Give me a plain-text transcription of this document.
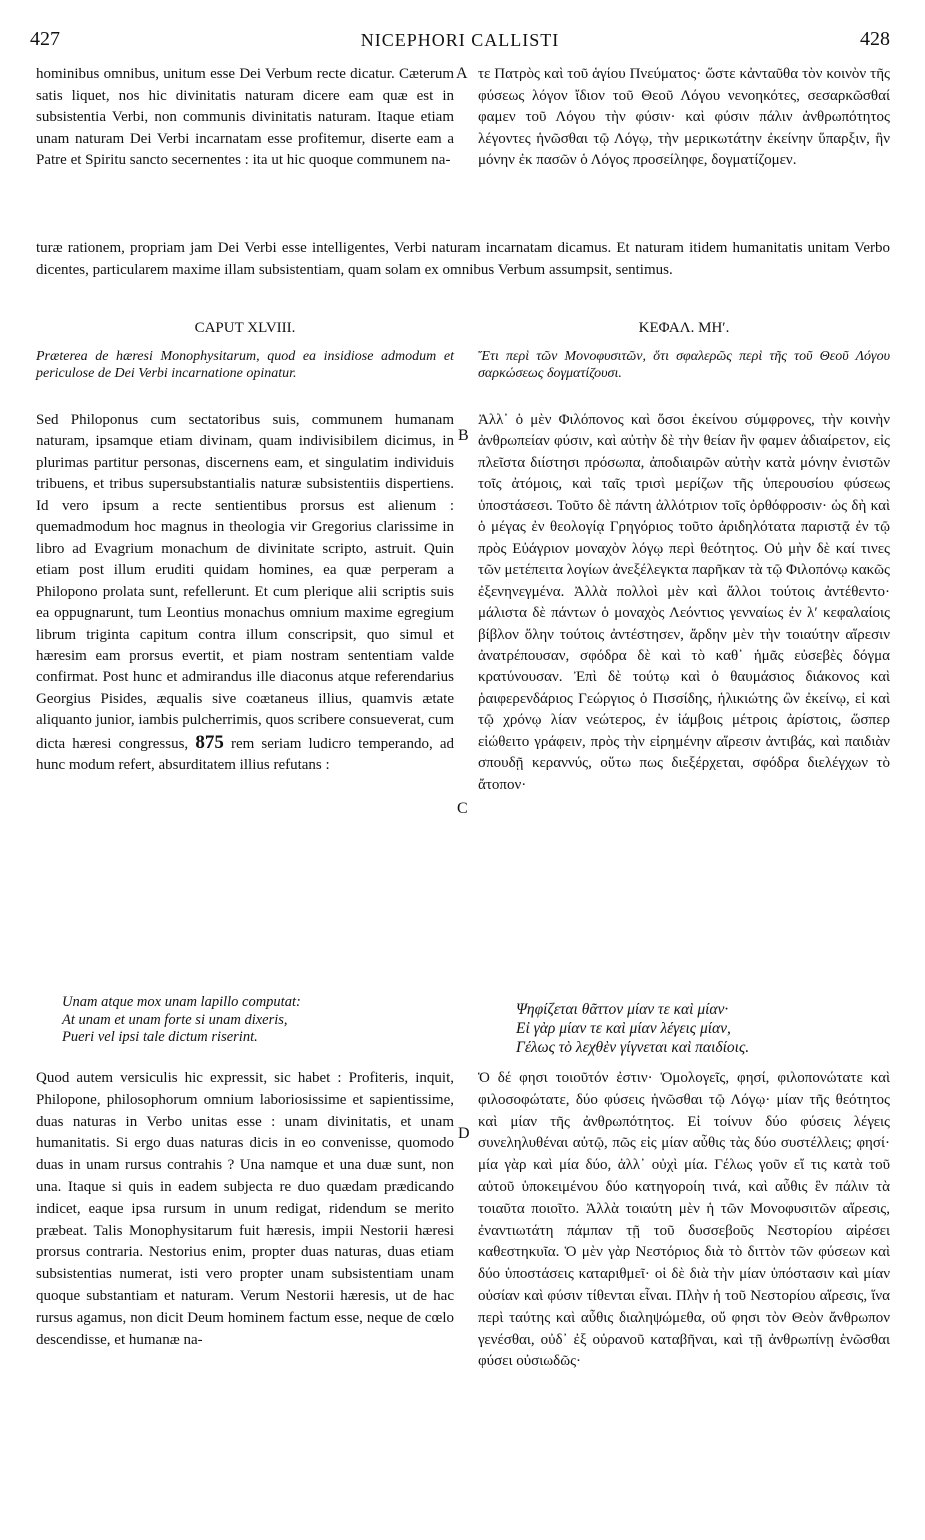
427	NICEPHORI CALLISTI	428
A
B
C
D
hominibus omnibus, unitum esse Dei Verbum recte dicatur. Cæterum satis liquet, nos hic divinitatis naturam dicere eam quæ est in subsistentia Verbi, non communis divinitatis naturam. Itaque etiam unam naturam Dei Verbi incarnatam esse profitemur, diserte eam a Patre et Spiritu sancto secernentes : ita ut hic quoque communem na-
τε Πατρὸς καὶ τοῦ ἁγίου Πνεύματος· ὥστε κἀνταῦθα τὸν κοινὸν τῆς φύσεως λόγον ἴδιον τοῦ Θεοῦ Λόγου νενοηκότες, σεσαρκῶσθαί φαμεν τοῦ Λόγου τὴν φύσιν· καὶ φύσιν πάλιν ἀνθρωπότητος λέγοντες ἡνῶσθαι τῷ Λόγῳ, τὴν μερικωτάτην ἐκείνην ὕπαρξιν, ἣν μόνην ἐκ πασῶν ὁ Λόγος προσείληφε, δογματίζομεν.
turæ rationem, propriam jam Dei Verbi esse intelligentes, Verbi naturam incarnatam dicamus. Et naturam itidem humanitatis unitam Verbo dicentes, particularem maxime illam subsistentiam, quam solam ex omnibus Verbum assumpsit, sentimus.
CAPUT XLVIII.	ΚΕΦΑΛ. ΜΗʹ.
Præterea de hæresi Monophysitarum, quod ea insidiose admodum et periculose de Dei Verbi incarnatione opinatur.
Ἔτι περὶ τῶν Μονοφυσιτῶν, ὅτι σφαλερῶς περὶ τῆς τοῦ Θεοῦ Λόγου σαρκώσεως δογματίζουσι.
Sed Philoponus cum sectatoribus suis, communem humanam naturam, ipsamque etiam divinam, quam indivisibilem dicimus, in plurimas partitur personas, discernens eam, et singulatim individuis tribuens, et tribus supersubstantialis naturæ subsistentiis dispertiens. Id vero ipsum a recte sentientibus prorsus est alienum : quemadmodum hoc magnus in theologia vir Gregorius clarissime in libro ad Evagrium monachum de divinitate scripto, astruit. Quin etiam post illum eruditi quidam homines, ea quæ perperam a Philopono prolata sunt, refellerunt. Et cum plerique alii scriptis suis ea oppugnarunt, tum Leontius monachus omnium maxime egregium librum triginta capitum contra illum conscripsit, quo simul et hæresim eam prorsus evertit, et piam nostram sententiam valde confirmat. Post hunc et admirandus ille diaconus atque referendarius Georgius Pisides, æqualis sive coætaneus illius, quamvis ætate aliquanto junior, iambis pulcherrimis, quos scribere consueverat, cum dicta hæresi congressus, 875 rem seriam ludicro temperando, ad hunc modum refert, absurditatem illius refutans :
Ἀλλ᾽ ὁ μὲν Φιλόπονος καὶ ὅσοι ἐκείνου σύμφρονες, τὴν κοινὴν ἀνθρωπείαν φύσιν, καὶ αὐτὴν δὲ τὴν θείαν ἣν φαμεν ἀδιαίρετον, εἰς πλεῖστα διίστησι πρόσωπα, ἀποδιαιρῶν αὐτὴν κατὰ μόνην ἐνιστῶν τοῖς ἀτόμοις, καὶ ταῖς τρισὶ μερίζων τῆς ὑπερουσίου φύσεως ὑποστάσεσι. Τοῦτο δὲ πάντη ἀλλότριον τοῖς ὀρθόφροσιν· ὡς δὴ καὶ ὁ μέγας ἐν θεολογίᾳ Γρηγόριος τοῦτο ἀριδηλότατα παριστᾷ ἐν τῷ πρὸς Εὐάγριον μοναχὸν λόγῳ περὶ θεότητος. Οὐ μὴν δὲ καί τινες τῶν μετέπειτα λογίων ἀνεξέλεγκτα παρῆκαν τὰ τῷ Φιλοπόνῳ κακῶς ἐξενηνεγμένα. Ἀλλὰ πολλοὶ μὲν καὶ ἄλλοι τούτοις ἀντέθεντο· μάλιστα δὲ πάντων ὁ μοναχὸς Λεόντιος γενναίως ἐν λʹ κεφαλαίοις βίβλον ὅλην τούτοις ἀντέστησεν, ἄρδην μὲν τὴν τοιαύτην αἵρεσιν ἀνατρέπουσαν, σφόδρα δὲ καὶ τὸ καθ᾽ ἡμᾶς εὐσεβὲς δόγμα κρατύνουσαν. Ἐπὶ δὲ τούτῳ καὶ ὁ θαυμάσιος διάκονος καὶ ῥαιφερενδάριος Γεώργιος ὁ Πισσίδης, ἡλικιώτης ὢν ἐκείνῳ, εἰ καὶ τῷ χρόνῳ λίαν νεώτερος, ἐν ἰάμβοις μέτροις ἀρίστοις, ὥσπερ εἰώθειτο γράφειν, πρὸς τὴν εἰρημένην αἵρεσιν ἀντιβάς, καὶ παιδιὰν σπουδῇ κεραννύς, οὕτω πως διεξέρχεται, σφόδρα διελέγχων τὸ ἄτοπον·
Unam atque mox unam lapillo computat:
At unam et unam forte si unam dixeris,
Pueri vel ipsi tale dictum riserint.
Ψηφίζεται θᾶττον μίαν τε καὶ μίαν·
Εἰ γὰρ μίαν τε καὶ μίαν λέγεις μίαν,
Γέλως τὸ λεχθὲν γίγνεται καὶ παιδίοις.
Quod autem versiculis hic expressit, sic habet : Profiteris, inquit, Philopone, philosophorum omnium laboriosissime et sapientissime, duas naturas in Verbo unitas esse : unam divinitatis, et unam humanitatis. Si ergo duas naturas dicis in eo convenisse, quomodo duas in unam rursus contrahis ? Una namque et una duæ sunt, non una. Itaque si quis in eadem subjecta re duo quædam prædicando indicet, eaque ipsa rursum in unum redigat, ridendum se merito præbeat. Talis Monophysitarum fuit hæresis, impii Nestorii hæresi prorsus contraria. Nestorius enim, propter duas naturas, duas etiam subsistentias numerat, isti vero propter unam subsistentiam unam quoque substantiam et naturam. Verum Nestorii hæresis, ut de hac rursus agamus, non dicit Deum hominem factum esse, neque de cœlo descendisse, et humanæ na-
Ὁ δέ φησι τοιοῦτόν ἐστιν· Ὁμολογεῖς, φησί, φιλοπονώτατε καὶ φιλοσοφώτατε, δύο φύσεις ἡνῶσθαι τῷ Λόγῳ· μίαν τῆς θεότητος καὶ μίαν τῆς ἀνθρωπότητος. Εἰ τοίνυν δύο φύσεις λέγεις συνεληλυθέναι αὐτῷ, πῶς εἰς μίαν αὖθις τὰς δύο συστέλλεις; φησί· μία γὰρ καὶ μία δύο, ἀλλ᾽ οὐχὶ μία. Γέλως γοῦν εἴ τις κατὰ τοῦ αὐτοῦ ὑποκειμένου δύο κατηγοροίη τινά, καὶ αὖθις ἓν πάλιν τὰ τοιαῦτα ποιοῖτο. Ἀλλὰ τοιαύτη μὲν ἡ τῶν Μονοφυσιτῶν αἵρεσις, ἐναντιωτάτη πάμπαν τῇ τοῦ δυσσεβοῦς Νεστορίου αἱρέσει καθεστηκυῖα. Ὁ μὲν γὰρ Νεστόριος διὰ τὸ διττὸν τῶν φύσεων καὶ δύο ὑποστάσεις καταριθμεῖ· οἱ δὲ διὰ τὴν μίαν ὑπόστασιν καὶ μίαν οὐσίαν καὶ φύσιν τίθενται εἶναι. Πλὴν ἡ τοῦ Νεστορίου αἵρεσις, ἵνα περὶ ταύτης καὶ αὖθις διαληψώμεθα, οὔ φησι τὸν Θεὸν ἄνθρωπον γενέσθαι, οὐδ᾽ ἐξ οὐρανοῦ καταβῆναι, καὶ τῇ ἀνθρωπίνῃ ἑνῶσθαι φύσει οὐσιωδῶς·
